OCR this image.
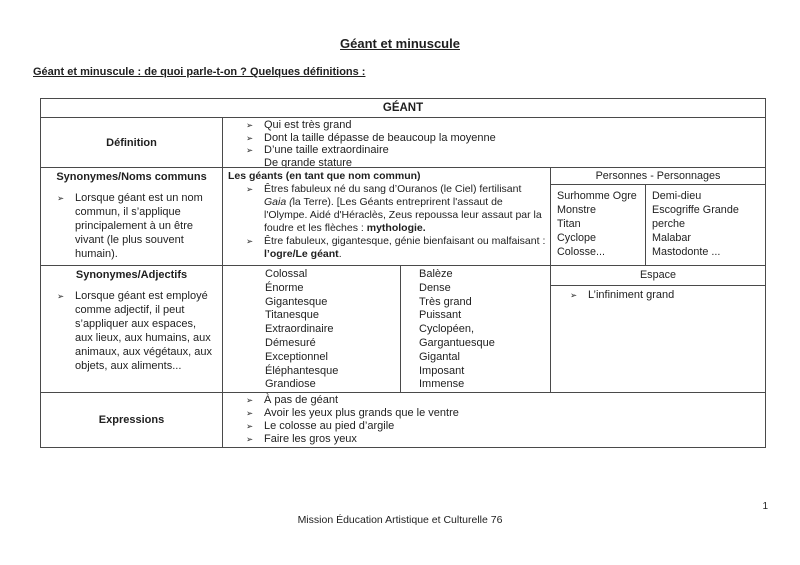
Géant et minuscule
Géant et minuscule : de quoi parle-t-on ? Quelques définitions :
GÉANT
Définition
➢ Qui est très grand
➢ Dont la taille dépasse de beaucoup la moyenne
➢ D’une taille extraordinaire
De grande stature
Synonymes/Noms communs
➢ Lorsque géant est un nom commun, il s’applique principalement à un être vivant (le plus souvent humain).
Les géants (en tant que nom commun)
➢	Êtres fabuleux né du sang d’Ouranos (le Ciel) fertilisant Gaia (la Terre). [Les Géants entreprirent l'assaut de l'Olympe. Aidé d'Héraclès, Zeus repoussa leur assaut par la foudre et les flèches : mythologie.
➢	Être fabuleux, gigantesque, génie bienfaisant ou malfaisant : l’ogre/Le géant.
Personnes - Personnages
Surhomme Ogre
Monstre
Titan
Cyclope
Colosse...
Demi-dieu
Escogriffe Grande perche
Malabar
Mastodonte ...
Synonymes/Adjectifs
➢ Lorsque géant est employé comme adjectif, il peut s’appliquer aux espaces, aux lieux, aux humains, aux animaux, aux végétaux, aux objets, aux aliments...
Colossal
Énorme
Gigantesque
Titanesque
Extraordinaire
Démesuré
Exceptionnel
Éléphantesque
Grandiose
Balèze
Dense
Très grand
Puissant
Cyclopéen,
Gargantuesque
Gigantal
Imposant
Immense
Espace
➢ L’infiniment grand
Expressions
➢ À pas de géant
➢ Avoir les yeux plus grands que le ventre
➢ Le colosse au pied d’argile
➢ Faire les gros yeux
Mission Éducation Artistique et Culturelle 76
1
